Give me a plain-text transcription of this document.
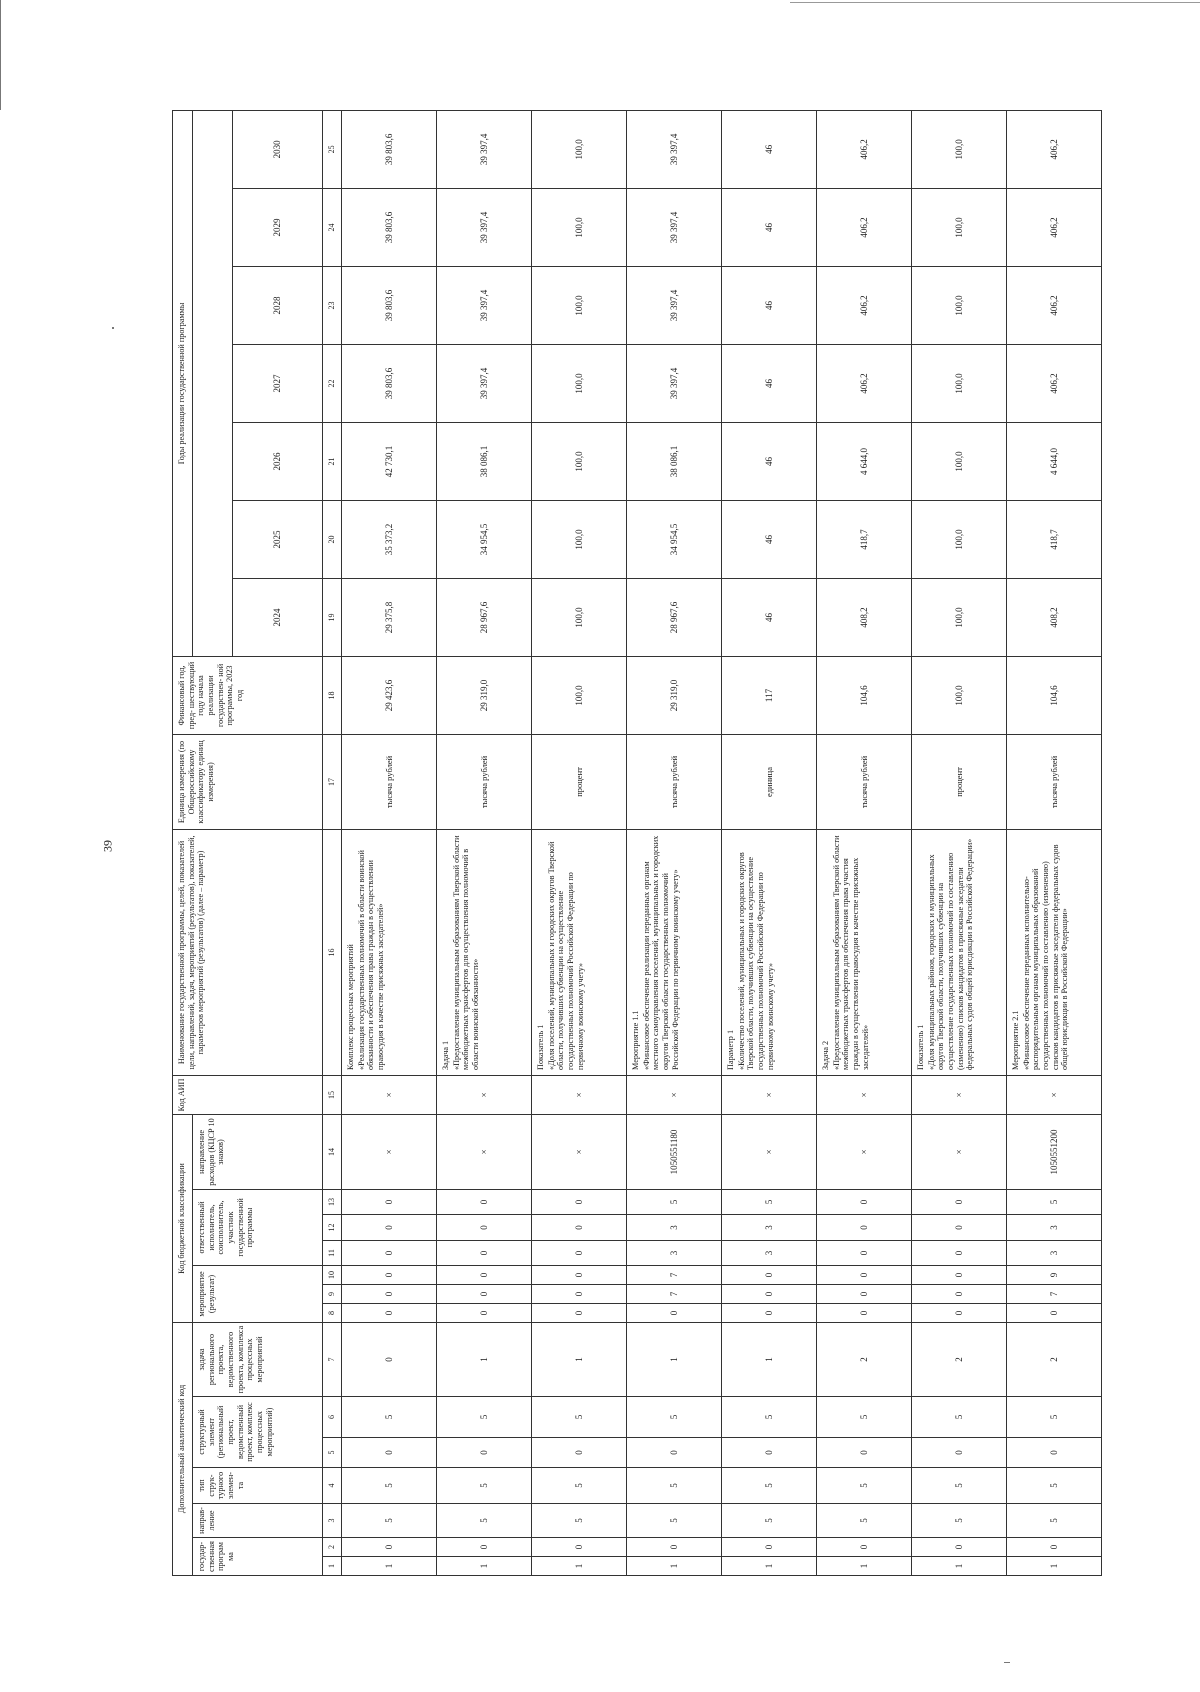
39
Дополнительный аналитический код							Код бюджетной классификации							Код АИП	Наименование государственной программы, целей, показателей цели, направлений, задач, мероприятий (результатов), показателей, параметров мероприятий (результатов) (далее – параметр)	Единица измерения (по Общероссийскому классификатору единиц измерения)	Финансовый год, пред- шествующий году начала реализации государствен- ной программы, 2023 год	Годы реализации государственной программы						
государ- ственная программа		направ- ление	тип струк- турного элемен- та	структурный элемент (региональный проект, ведомственный проект, комплекс процессных мероприятий)		задача регионального проекта, ведомственного проекта, комплекса процессных мероприятий	мероприятие (результат)			ответственный исполнитель, соисполнитель, участник государственной программы			направление расходов (КЦСР 10 знаков)											
																		2024	2025	2026	2027	2028	2029	2030
1	2	3	4	5	6	7	8	9	10	11	12	13	14	15	16	17	18	19	20	21	22	23	24	25
1	0	5	5	0	5	0	0	0	0	0	0	0	×	×	Комплекс процессных мероприятий «Реализация государственных полномочий в области воинской обязанности и обеспечения права граждан в осуществлении правосудия в качестве присяжных заседателей»	тысяча рублей	29 423,6	29 375,8	35 373,2	42 730,1	39 803,6	39 803,6	39 803,6	39 803,6
1	0	5	5	0	5	1	0	0	0	0	0	0	×	×	Задача 1 «Предоставление муниципальным образованиям Тверской области межбюджетных трансфертов для осуществления полномочий в области воинской обязанности»	тысяча рублей	29 319,0	28 967,6	34 954,5	38 086,1	39 397,4	39 397,4	39 397,4	39 397,4
1	0	5	5	0	5	1	0	0	0	0	0	0	×	×	Показатель 1 «Доля поселений, муниципальных и городских округов Тверской области, получивших субвенции на осуществление государственных полномочий Российской Федерации по первичному воинскому учету»	процент	100,0	100,0	100,0	100,0	100,0	100,0	100,0	100,0
1	0	5	5	0	5	1	0	7	7	3	3	5	1050551180	×	Мероприятие 1.1 «Финансовое обеспечение реализации переданных органам местного самоуправления поселений, муниципальных и городских округов Тверской области государственных полномочий Российской Федерации по первичному воинскому учету»	тысяча рублей	29 319,0	28 967,6	34 954,5	38 086,1	39 397,4	39 397,4	39 397,4	39 397,4
1	0	5	5	0	5	1	0	0	0	3	3	5	×	×	Параметр 1 «Количество поселений, муниципальных и городских округов Тверской области, получивших субвенции на осуществление государственных полномочий Российской Федерации по первичному воинскому учету»	единица	117	46	46	46	46	46	46	46
1	0	5	5	0	5	2	0	0	0	0	0	0	×	×	Задача 2 «Предоставление муниципальным образованиям Тверской области межбюджетных трансфертов для обеспечения права участия граждан в осуществлении правосудия в качестве присяжных заседателей»	тысяча рублей	104,6	408,2	418,7	4 644,0	406,2	406,2	406,2	406,2
1	0	5	5	0	5	2	0	0	0	0	0	0	×	×	Показатель 1 «Доля муниципальных районов, городских и муниципальных округов Тверской области, получивших субвенции на осуществление государственных полномочий по составлению (изменению) списков кандидатов в присяжные заседатели федеральных судов общей юрисдикции в Российской Федерации»	процент	100,0	100,0	100,0	100,0	100,0	100,0	100,0	100,0
1	0	5	5	0	5	2	0	7	9	3	3	5	1050551200	×	Мероприятие 2.1 «Финансовое обеспечение переданных исполнительно-распорядительным органам муниципальных образований государственных полномочий по составлению (изменению) списков кандидатов в присяжные заседатели федеральных судов общей юрисдикции в Российской Федерации»	тысяча рублей	104,6	408,2	418,7	4 644,0	406,2	406,2	406,2	406,2
